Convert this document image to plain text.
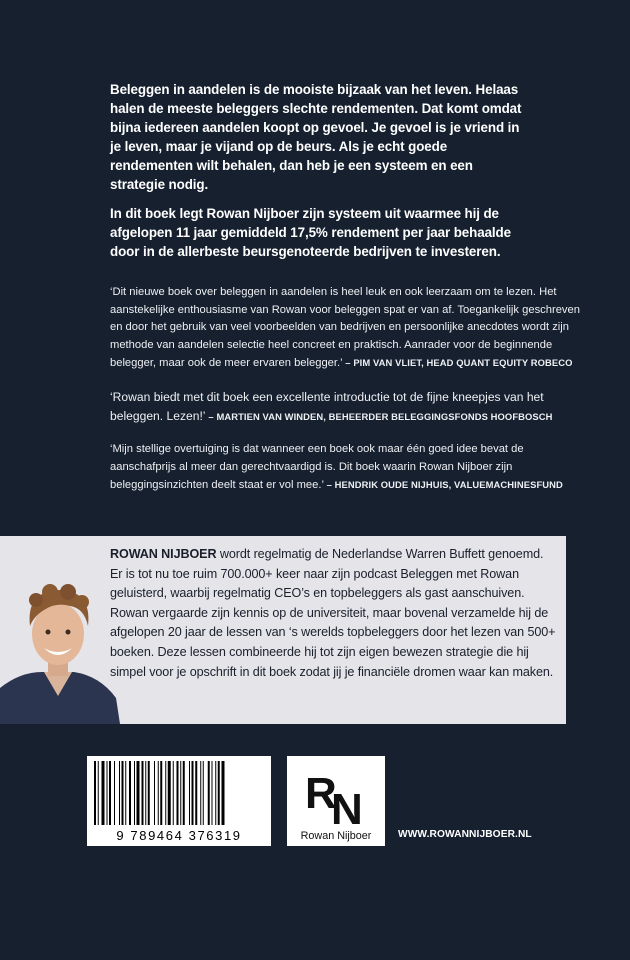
Beleggen in aandelen is de mooiste bijzaak van het leven. Helaas halen de meeste beleggers slechte rendementen. Dat komt omdat bijna iedereen aandelen koopt op gevoel. Je gevoel is je vriend in je leven, maar je vijand op de beurs. Als je echt goede rendementen wilt behalen, dan heb je een systeem en een strategie nodig.

In dit boek legt Rowan Nijboer zijn systeem uit waarmee hij de afgelopen 11 jaar gemiddeld 17,5% rendement per jaar behaalde door in de allerbeste beursgenoteerde bedrijven te investeren.

‘Dit nieuwe boek over beleggen in aandelen is heel leuk en ook leerzaam om te lezen. Het aanstekelijke enthousiasme van Rowan voor beleggen spat er van af. Toegankelijk geschreven en door het gebruik van veel voorbeelden van bedrijven en persoonlijke anecdotes wordt zijn methode van aandelen selectie heel concreet en praktisch. Aanrader voor de beginnende belegger, maar ook de meer ervaren belegger.’ – PIM VAN VLIET, HEAD QUANT EQUITY ROBECO

‘Rowan biedt met dit boek een excellente introductie tot de fijne kneepjes van het beleggen. Lezen!’ – MARTIEN VAN WINDEN, BEHEERDER BELEGGINGSFONDS HOOFBOSCH

‘Mijn stellige overtuiging is dat wanneer een boek ook maar één goed idee bevat de aanschafprijs al meer dan gerechtvaardigd is. Dit boek waarin Rowan Nijboer zijn beleggingsinzichten deelt staat er vol mee.’ – HENDRIK OUDE NIJHUIS, VALUEMACHINESFUND

ROWAN NIJBOER wordt regelmatig de Nederlandse Warren Buffett genoemd. Er is tot nu toe ruim 700.000+ keer naar zijn podcast Beleggen met Rowan geluisterd, waarbij regelmatig CEO’s en topbeleggers als gast aanschuiven. Rowan vergaarde zijn kennis op de universiteit, maar bovenal verzamelde hij de afgelopen 20 jaar de lessen van ‘s werelds topbeleggers door het lezen van 500+ boeken. Deze lessen combineerde hij tot zijn eigen bewezen strategie die hij simpel voor je opschrift in dit boek zodat jij je financiële dromen waar kan maken.
9 789464 376319
R
N
Rowan Nijboer	WWW.ROWANNIJBOER.NL
